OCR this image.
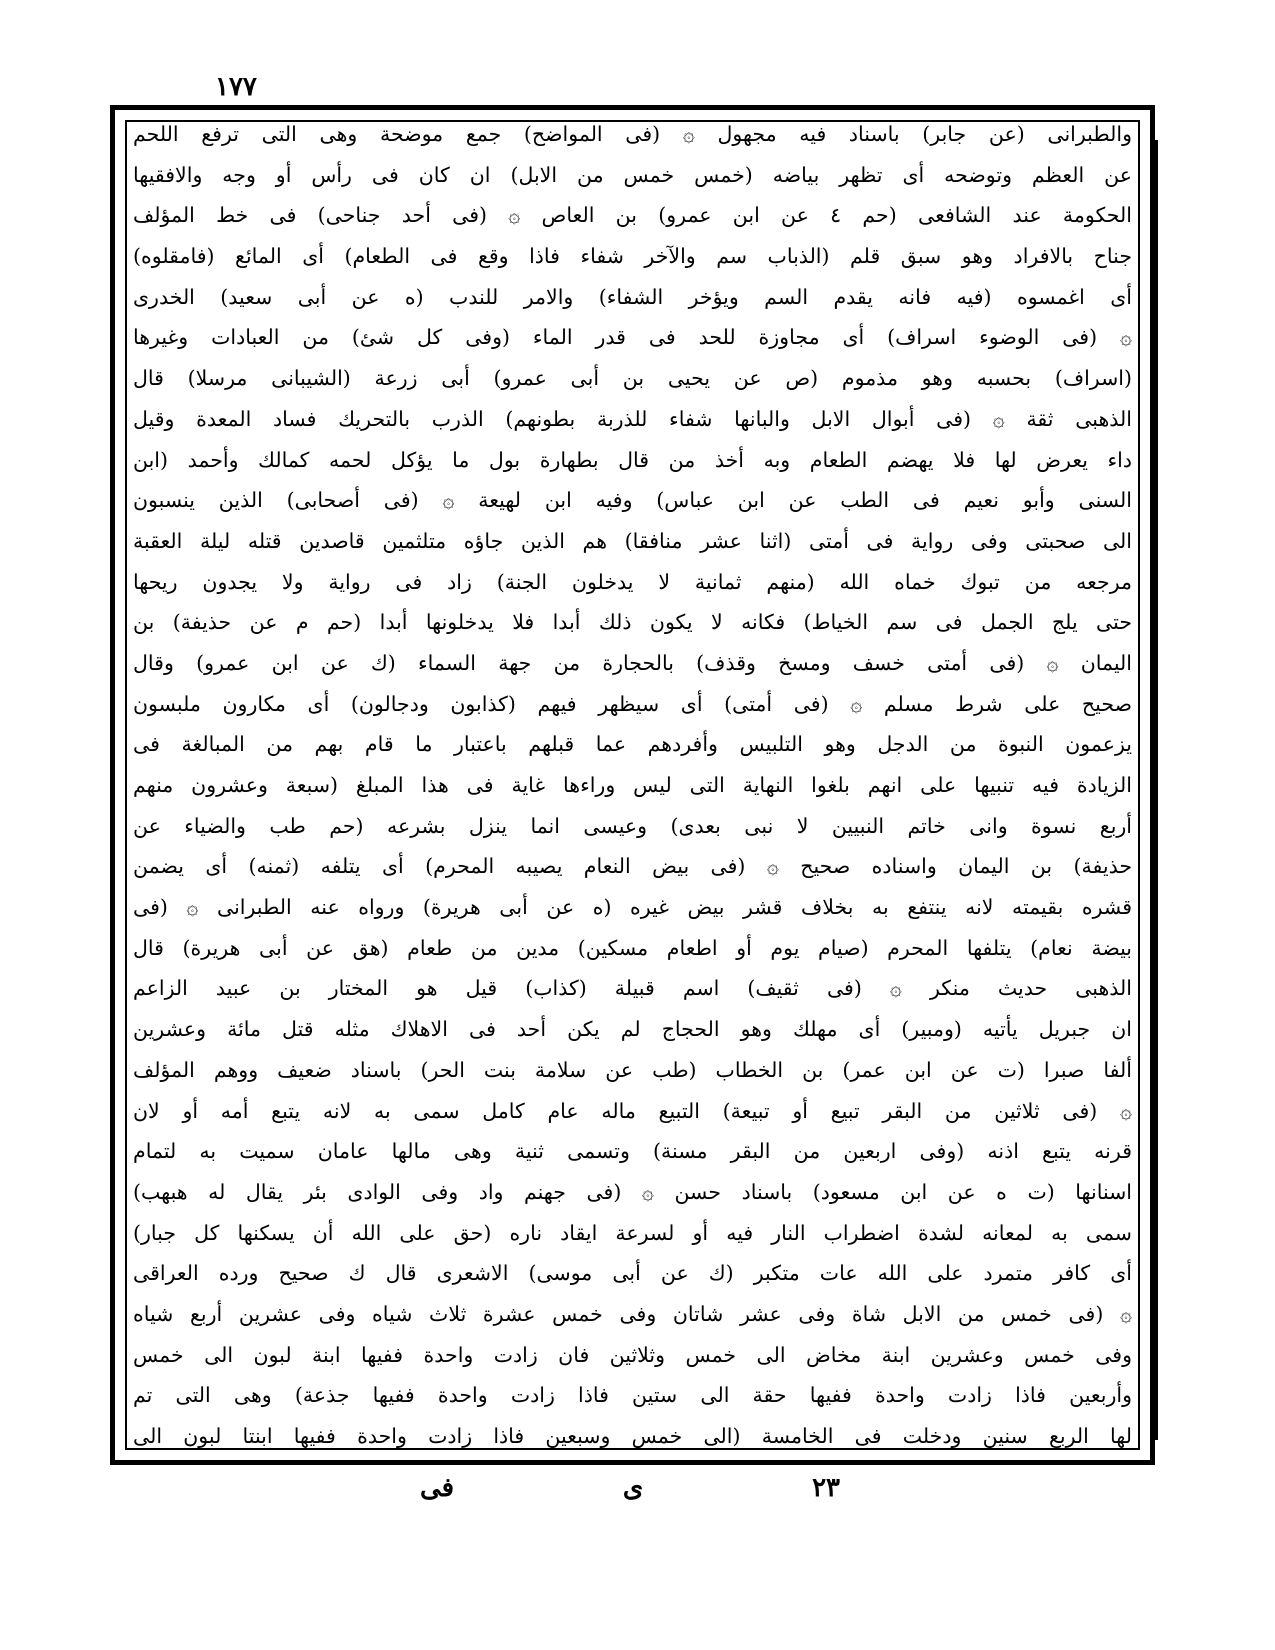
١٧٧
والطبرانى (عن جابر) باسناد فيه مجهول ۞ (فى المواضح) جمع موضحة وهى التى ترفع اللحم
عن العظم وتوضحه أى تظهر بياضه (خمس خمس من الابل) ان كان فى رأس أو وجه والافقيها
الحكومة عند الشافعى (حم ٤ عن ابن عمرو) بن العاص ۞ (فى أحد جناحى) فى خط المؤلف
جناح بالافراد وهو سبق قلم (الذباب سم والآخر شفاء فاذا وقع فى الطعام) أى المائع (فامقلوه)
أى اغمسوه (فيه فانه يقدم السم ويؤخر الشفاء) والامر للندب (ه عن أبى سعيد) الخدرى
۞ (فى الوضوء اسراف) أى مجاوزة للحد فى قدر الماء (وفى كل شئ) من العبادات وغيرها
(اسراف) بحسبه وهو مذموم (ص عن يحيى بن أبى عمرو) أبى زرعة (الشيبانى مرسلا) قال
الذهبى ثقة ۞ (فى أبوال الابل والبانها شفاء للذربة بطونهم) الذرب بالتحريك فساد المعدة وقيل
داء يعرض لها فلا يهضم الطعام وبه أخذ من قال بطهارة بول ما يؤكل لحمه كمالك وأحمد (ابن
السنى وأبو نعيم فى الطب عن ابن عباس) وفيه ابن لهيعة ۞ (فى أصحابى) الذين ينسبون
الى صحبتى وفى رواية فى أمتى (اثنا عشر منافقا) هم الذين جاؤه متلثمين قاصدين قتله ليلة العقبة
مرجعه من تبوك خماه الله (منهم ثمانية لا يدخلون الجنة) زاد فى رواية ولا يجدون ريحها
حتى يلج الجمل فى سم الخياط) فكانه لا يكون ذلك أبدا فلا يدخلونها أبدا (حم م عن حذيفة) بن
اليمان ۞ (فى أمتى خسف ومسخ وقذف) بالحجارة من جهة السماء (ك عن ابن عمرو) وقال
صحيح على شرط مسلم ۞ (فى أمتى) أى سيظهر فيهم (كذابون ودجالون) أى مكارون ملبسون
يزعمون النبوة من الدجل وهو التلبيس وأفردهم عما قبلهم باعتبار ما قام بهم من المبالغة فى
الزيادة فيه تنبيها على انهم بلغوا النهاية التى ليس وراءها غاية فى هذا المبلغ (سبعة وعشرون منهم
أربع نسوة وانى خاتم النبيين لا نبى بعدى) وعيسى انما ينزل بشرعه (حم طب والضياء عن
حذيفة) بن اليمان واسناده صحيح ۞ (فى بيض النعام يصيبه المحرم) أى يتلفه (ثمنه) أى يضمن
قشره بقيمته لانه ينتفع به بخلاف قشر بيض غيره (ه عن أبى هريرة) ورواه عنه الطبرانى ۞ (فى
بيضة نعام) يتلفها المحرم (صيام يوم أو اطعام مسكين) مدين من طعام (هق عن أبى هريرة) قال
الذهبى حديث منكر ۞ (فى ثقيف) اسم قبيلة (كذاب) قيل هو المختار بن عبيد الزاعم
ان جبريل يأتيه (ومبير) أى مهلك وهو الحجاج لم يكن أحد فى الاهلاك مثله قتل مائة وعشرين
ألفا صبرا (ت عن ابن عمر) بن الخطاب (طب عن سلامة بنت الحر) باسناد ضعيف ووهم المؤلف
۞ (فى ثلاثين من البقر تبيع أو تبيعة) التبيع ماله عام كامل سمى به لانه يتبع أمه أو لان
قرنه يتبع اذنه (وفى اربعين من البقر مسنة) وتسمى ثنية وهى مالها عامان سميت به لتمام
اسنانها (ت ه عن ابن مسعود) باسناد حسن ۞ (فى جهنم واد وفى الوادى بئر يقال له هبهب)
سمى به لمعانه لشدة اضطراب النار فيه أو لسرعة ايقاد ناره (حق على الله أن يسكنها كل جبار)
أى كافر متمرد على الله عات متكبر (ك عن أبى موسى) الاشعرى قال ك صحيح ورده العراقى
۞ (فى خمس من الابل شاة وفى عشر شاتان وفى خمس عشرة ثلاث شياه وفى عشرين أربع شياه
وفى خمس وعشرين ابنة مخاض الى خمس وثلاثين فان زادت واحدة ففيها ابنة لبون الى خمس
وأربعين فاذا زادت واحدة ففيها حقة الى ستين فاذا زادت واحدة ففيها جذعة) وهى التى تم
لها الربع سنين ودخلت فى الخامسة (الى خمس وسبعين فاذا زادت واحدة ففيها ابنتا لبون الى
٢٣
ى
فى
